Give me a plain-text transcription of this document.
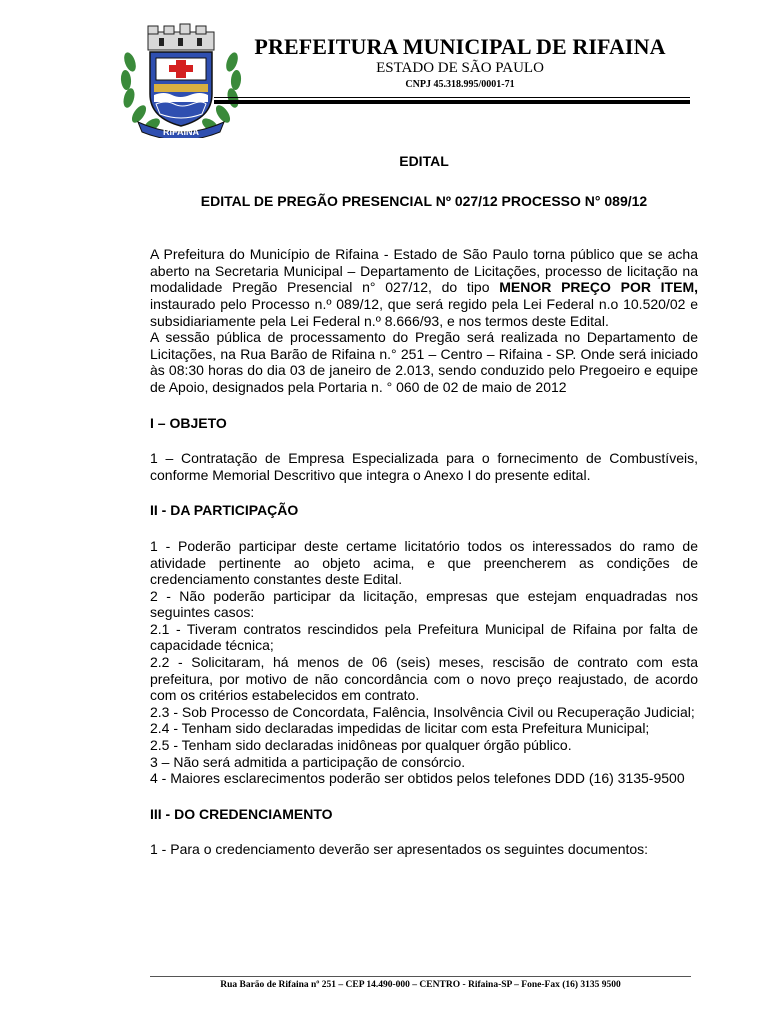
RIFAINA
PREFEITURA MUNICIPAL DE RIFAINA
ESTADO DE SÃO PAULO
CNPJ 45.318.995/0001-71
EDITAL
EDITAL DE PREGÃO PRESENCIAL Nº 027/12 PROCESSO N° 089/12

A Prefeitura do Município de Rifaina - Estado de São Paulo torna público que se acha aberto na Secretaria Municipal – Departamento de Licitações, processo de licitação na modalidade Pregão Presencial n° 027/12, do tipo MENOR PREÇO POR ITEM, instaurado pelo Processo n.º 089/12, que será regido pela Lei Federal n.o 10.520/02 e subsidiariamente pela Lei Federal n.º 8.666/93, e nos termos deste Edital.

A sessão pública de processamento do Pregão será realizada no Departamento de Licitações, na Rua Barão de Rifaina n.° 251 – Centro – Rifaina - SP. Onde será iniciado às 08:30 horas do dia 03 de janeiro de 2.013, sendo conduzido pelo Pregoeiro e equipe de Apoio, designados pela Portaria n. ° 060 de 02 de maio de 2012

I – OBJETO

1 – Contratação de Empresa Especializada para o fornecimento de Combustíveis, conforme Memorial Descritivo que integra o Anexo I do presente edital.

II - DA PARTICIPAÇÃO

1 - Poderão participar deste certame licitatório todos os interessados do ramo de atividade pertinente ao objeto acima, e que preencherem as condições de credenciamento constantes deste Edital.

2 - Não poderão participar da licitação, empresas que estejam enquadradas nos seguintes casos:

2.1 - Tiveram contratos rescindidos pela Prefeitura Municipal de Rifaina por falta de capacidade técnica;

2.2 - Solicitaram, há menos de 06 (seis) meses, rescisão de contrato com esta prefeitura, por motivo de não concordância com o novo preço reajustado, de acordo com os critérios estabelecidos em contrato.

2.3 - Sob Processo de Concordata, Falência, Insolvência Civil ou Recuperação Judicial;

2.4 - Tenham sido declaradas impedidas de licitar com esta Prefeitura Municipal;

2.5 - Tenham sido declaradas inidôneas por qualquer órgão público.

3 – Não será admitida a participação de consórcio.

4 - Maiores esclarecimentos poderão ser obtidos pelos telefones DDD (16) 3135-9500

III - DO CREDENCIAMENTO

1 - Para o credenciamento deverão ser apresentados os seguintes documentos:

Rua Barão de Rifaina nº 251 – CEP 14.490-000 – CENTRO - Rifaina-SP – Fone-Fax (16) 3135 9500
